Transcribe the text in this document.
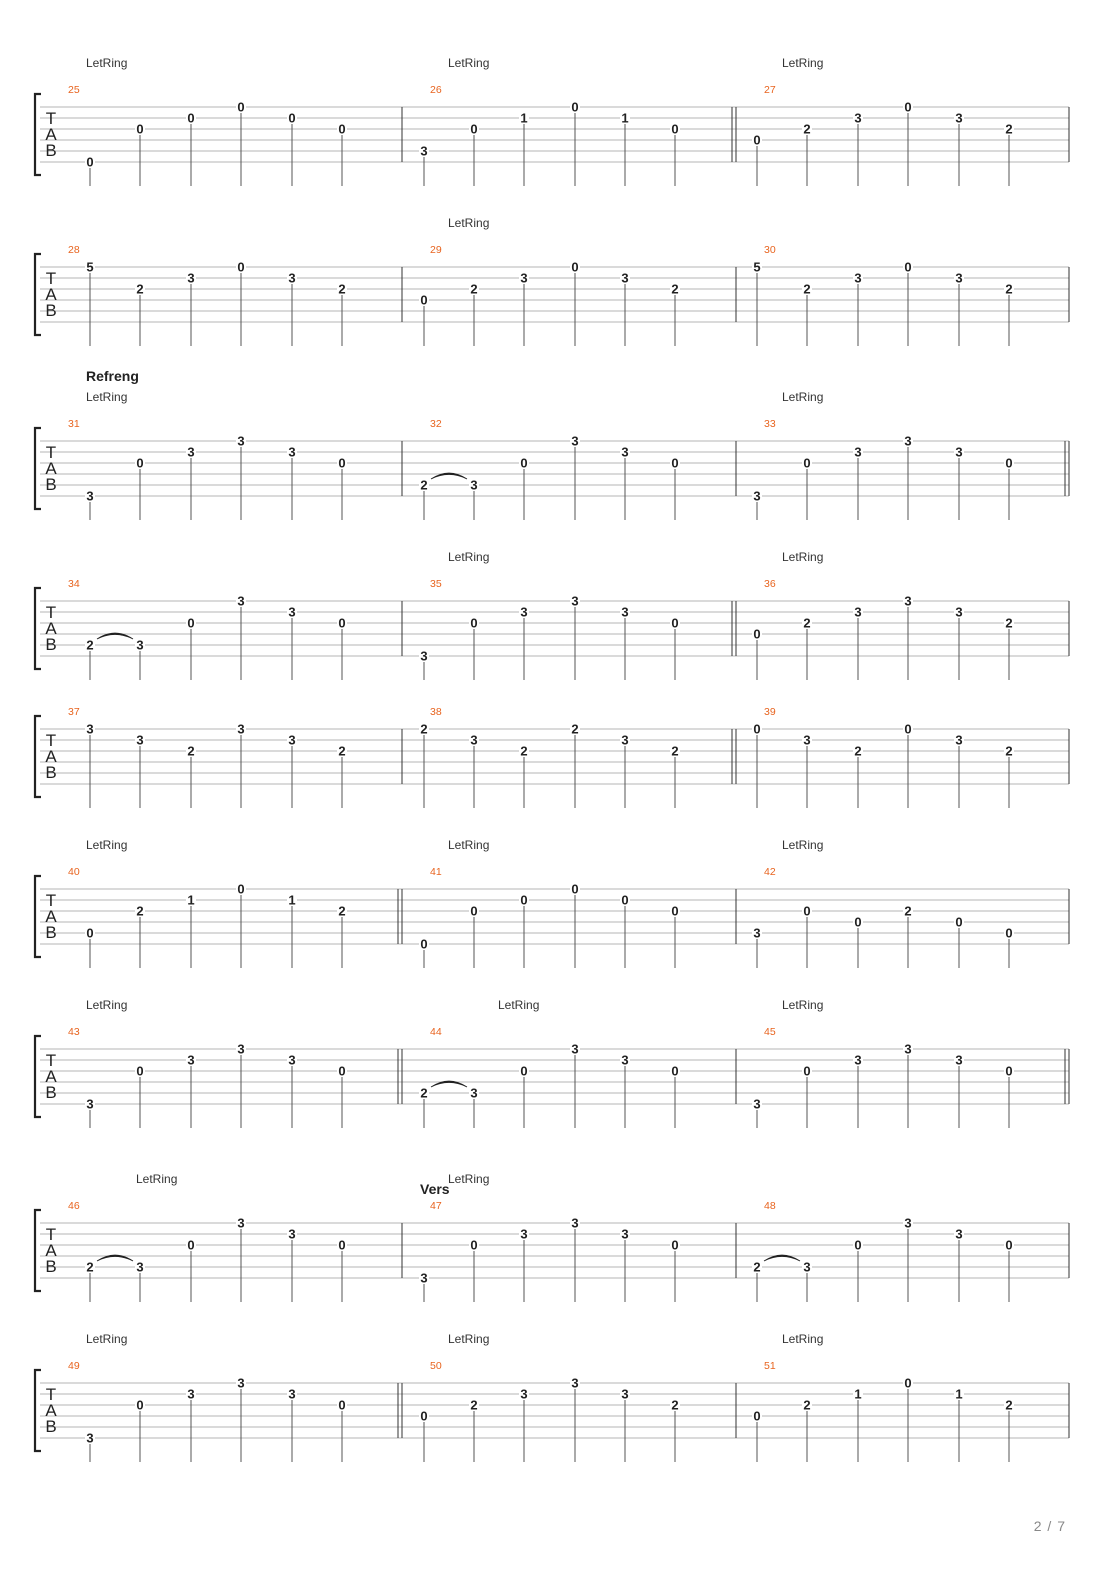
T
A
B
25
LetRing
0
0
0
0
0
0
26
LetRing
3
0
1
0
1
0
27
LetRing
0
2
3
0
3
2
T
A
B
28
5
2
3
0
3
2
29
LetRing
0
2
3
0
3
2
30
5
2
3
0
3
2
T
A
B
Refreng
31
LetRing
3
0
3
3
3
0
32
2	3
0
3
3
0
33
LetRing
3
0
3
3
3
0
T
A
B
34
2	3
0
3
3
0
35
LetRing
3
0
3
3
3
0
36
LetRing
0
2
3
3
3
2
T
A
B
37
3
3
2
3
3
2
38
2
3
2
2
3
2
39
0
3
2
0
3
2
T
A
B
40
LetRing
0
2
1
0
1
2
41
LetRing
0
0
0
0
0
0
42
LetRing
3
0
0
2
0
0
T
A
B
43
LetRing
3
0
3
3
3
0
44
LetRing
2	3
0
3
3
0
45
LetRing
3
0
3
3
3
0
T
A
B
46
LetRing
2	3
0
3
3
0
47
LetRing
Vers
3
0
3
3
3
0
48
2	3
0
3
3
0
T
A
B
49
LetRing
3
0
3
3
3
0
50
LetRing
0
2
3
3
3
2
51
LetRing
0
2
1
0
1
2
2 / 7
